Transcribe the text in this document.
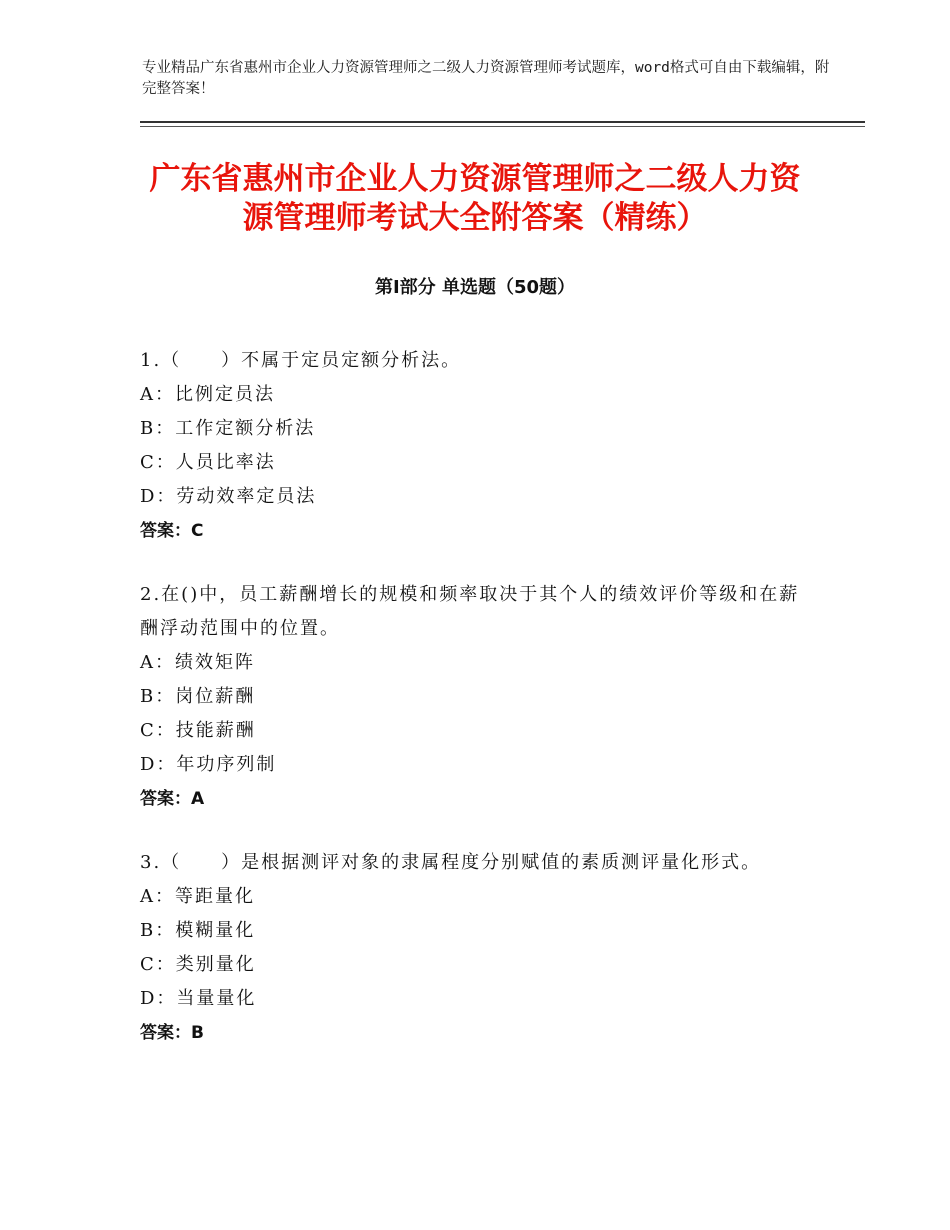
专业精品广东省惠州市企业人力资源管理师之二级人力资源管理师考试题库，word格式可自由下载编辑，附完整答案！
广东省惠州市企业人力资源管理师之二级人力资源管理师考试大全附答案（精练）
第Ⅰ部分 单选题（50题）

1.（　　）不属于定员定额分析法。

A：比例定员法

B：工作定额分析法

C：人员比率法

D：劳动效率定员法

答案：C

2.在()中，员工薪酬增长的规模和频率取决于其个人的绩效评价等级和在薪酬浮动范围中的位置。

A：绩效矩阵

B：岗位薪酬

C：技能薪酬

D：年功序列制

答案：A

3.（　　）是根据测评对象的隶属程度分别赋值的素质测评量化形式。

A：等距量化

B：模糊量化

C：类别量化

D：当量量化

答案：B
